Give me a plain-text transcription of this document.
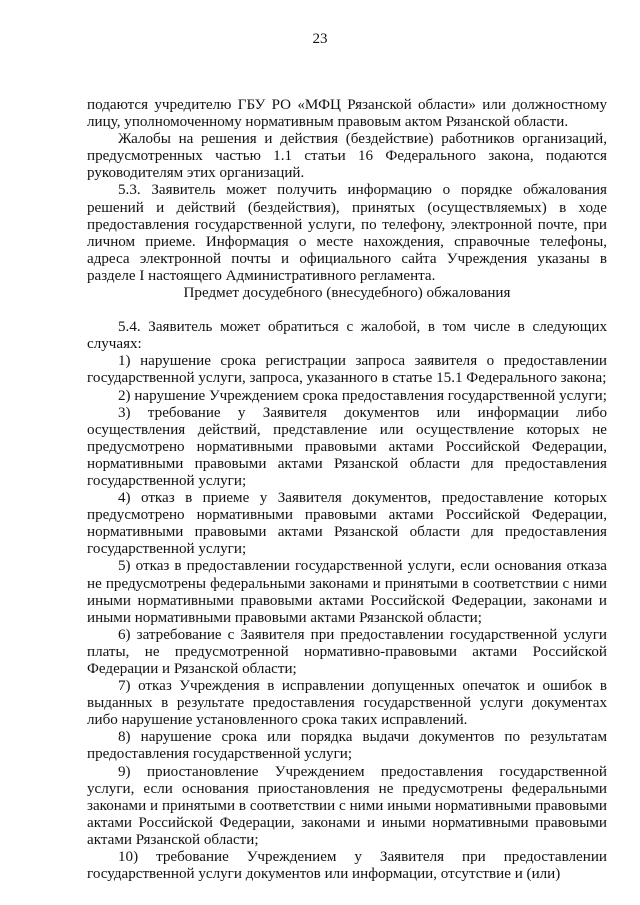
23

подаются учредителю ГБУ РО «МФЦ Рязанской области» или должностному лицу, уполномоченному нормативным правовым актом Рязанской области.

Жалобы на решения и действия (бездействие) работников организаций, предусмотренных частью 1.1 статьи 16 Федерального закона, подаются руководителям этих организаций.

5.3. Заявитель может получить информацию о порядке обжалования решений и действий (бездействия), принятых (осуществляемых) в ходе предоставления государственной услуги, по телефону, электронной почте, при личном приеме. Информация о месте нахождения, справочные телефоны, адреса электронной почты и официального сайта Учреждения указаны в разделе I настоящего Административного регламента.

Предмет досудебного (внесудебного) обжалования

5.4. Заявитель может обратиться с жалобой, в том числе в следующих случаях:

1) нарушение срока регистрации запроса заявителя о предоставлении государственной услуги, запроса, указанного в статье 15.1 Федерального закона;

2) нарушение Учреждением срока предоставления государственной услуги;

3) требование у Заявителя документов или информации либо осуществления действий, представление или осуществление которых не предусмотрено нормативными правовыми актами Российской Федерации, нормативными правовыми актами Рязанской области для предоставления государственной услуги;

4) отказ в приеме у Заявителя документов, предоставление которых предусмотрено нормативными правовыми актами Российской Федерации, нормативными правовыми актами Рязанской области для предоставления государственной услуги;

5) отказ в предоставлении государственной услуги, если основания отказа не предусмотрены федеральными законами и принятыми в соответствии с ними иными нормативными правовыми актами Российской Федерации, законами и иными нормативными правовыми актами Рязанской области;

6) затребование с Заявителя при предоставлении государственной услуги платы, не предусмотренной нормативно-правовыми актами Российской Федерации и Рязанской области;

7) отказ Учреждения в исправлении допущенных опечаток и ошибок в выданных в результате предоставления государственной услуги документах либо нарушение установленного срока таких исправлений.

8) нарушение срока или порядка выдачи документов по результатам предоставления государственной услуги;

9) приостановление Учреждением предоставления государственной услуги, если основания приостановления не предусмотрены федеральными законами и принятыми в соответствии с ними иными нормативными правовыми актами Российской Федерации, законами и иными нормативными правовыми актами Рязанской области;

10) требование Учреждением у Заявителя при предоставлении государственной услуги документов или информации, отсутствие и (или)
